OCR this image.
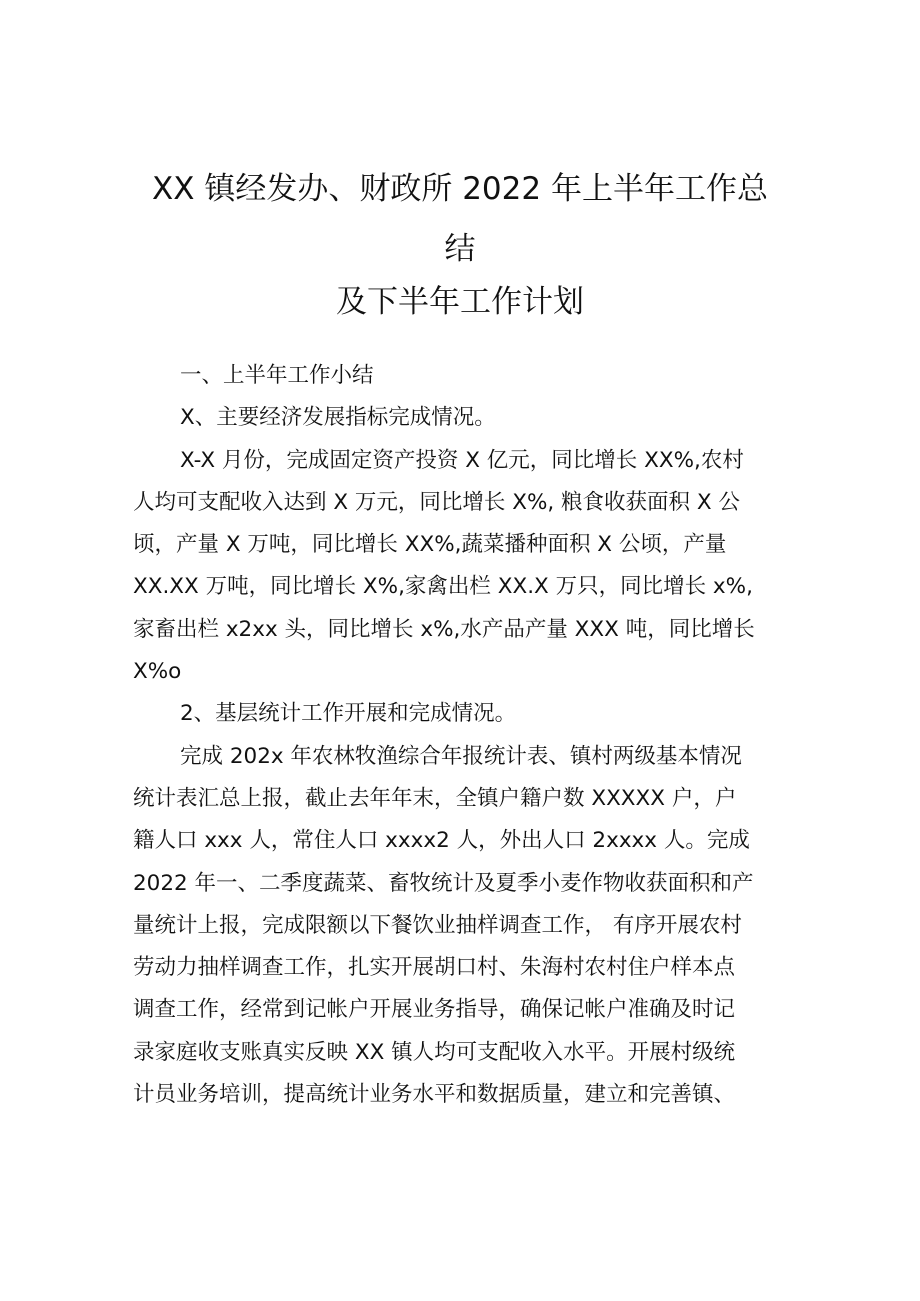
XX 镇经发办、财政所 2022 年上半年工作总
结
及下半年工作计划
一、上半年工作小结
X、主要经济发展指标完成情况。
X-X 月份，完成固定资产投资 X 亿元，同比增长 XX%,农村
人均可支配收入达到 X 万元，同比增长 X%, 粮食收获面积 X 公
顷，产量 X 万吨，同比增长 XX%,蔬菜播种面积 X 公顷，产量
XX.XX 万吨，同比增长 X%,家禽出栏 XX.X 万只，同比增长 x%,
家畜出栏 x2xx 头，同比增长 x%,水产品产量 XXX 吨，同比增长
X%o
2、基层统计工作开展和完成情况。
完成 202x 年农林牧渔综合年报统计表、镇村两级基本情况
统计表汇总上报，截止去年年末，全镇户籍户数 XXXXX 户，户
籍人口 xxx 人，常住人口 xxxx2 人，外出人口 2xxxx 人。完成
2022 年一、二季度蔬菜、畜牧统计及夏季小麦作物收获面积和产
量统计上报，完成限额以下餐饮业抽样调查工作， 有序开展农村
劳动力抽样调查工作，扎实开展胡口村、朱海村农村住户样本点
调查工作，经常到记帐户开展业务指导，确保记帐户准确及时记
录家庭收支账真实反映 XX 镇人均可支配收入水平。开展村级统
计员业务培训，提高统计业务水平和数据质量，建立和完善镇、
